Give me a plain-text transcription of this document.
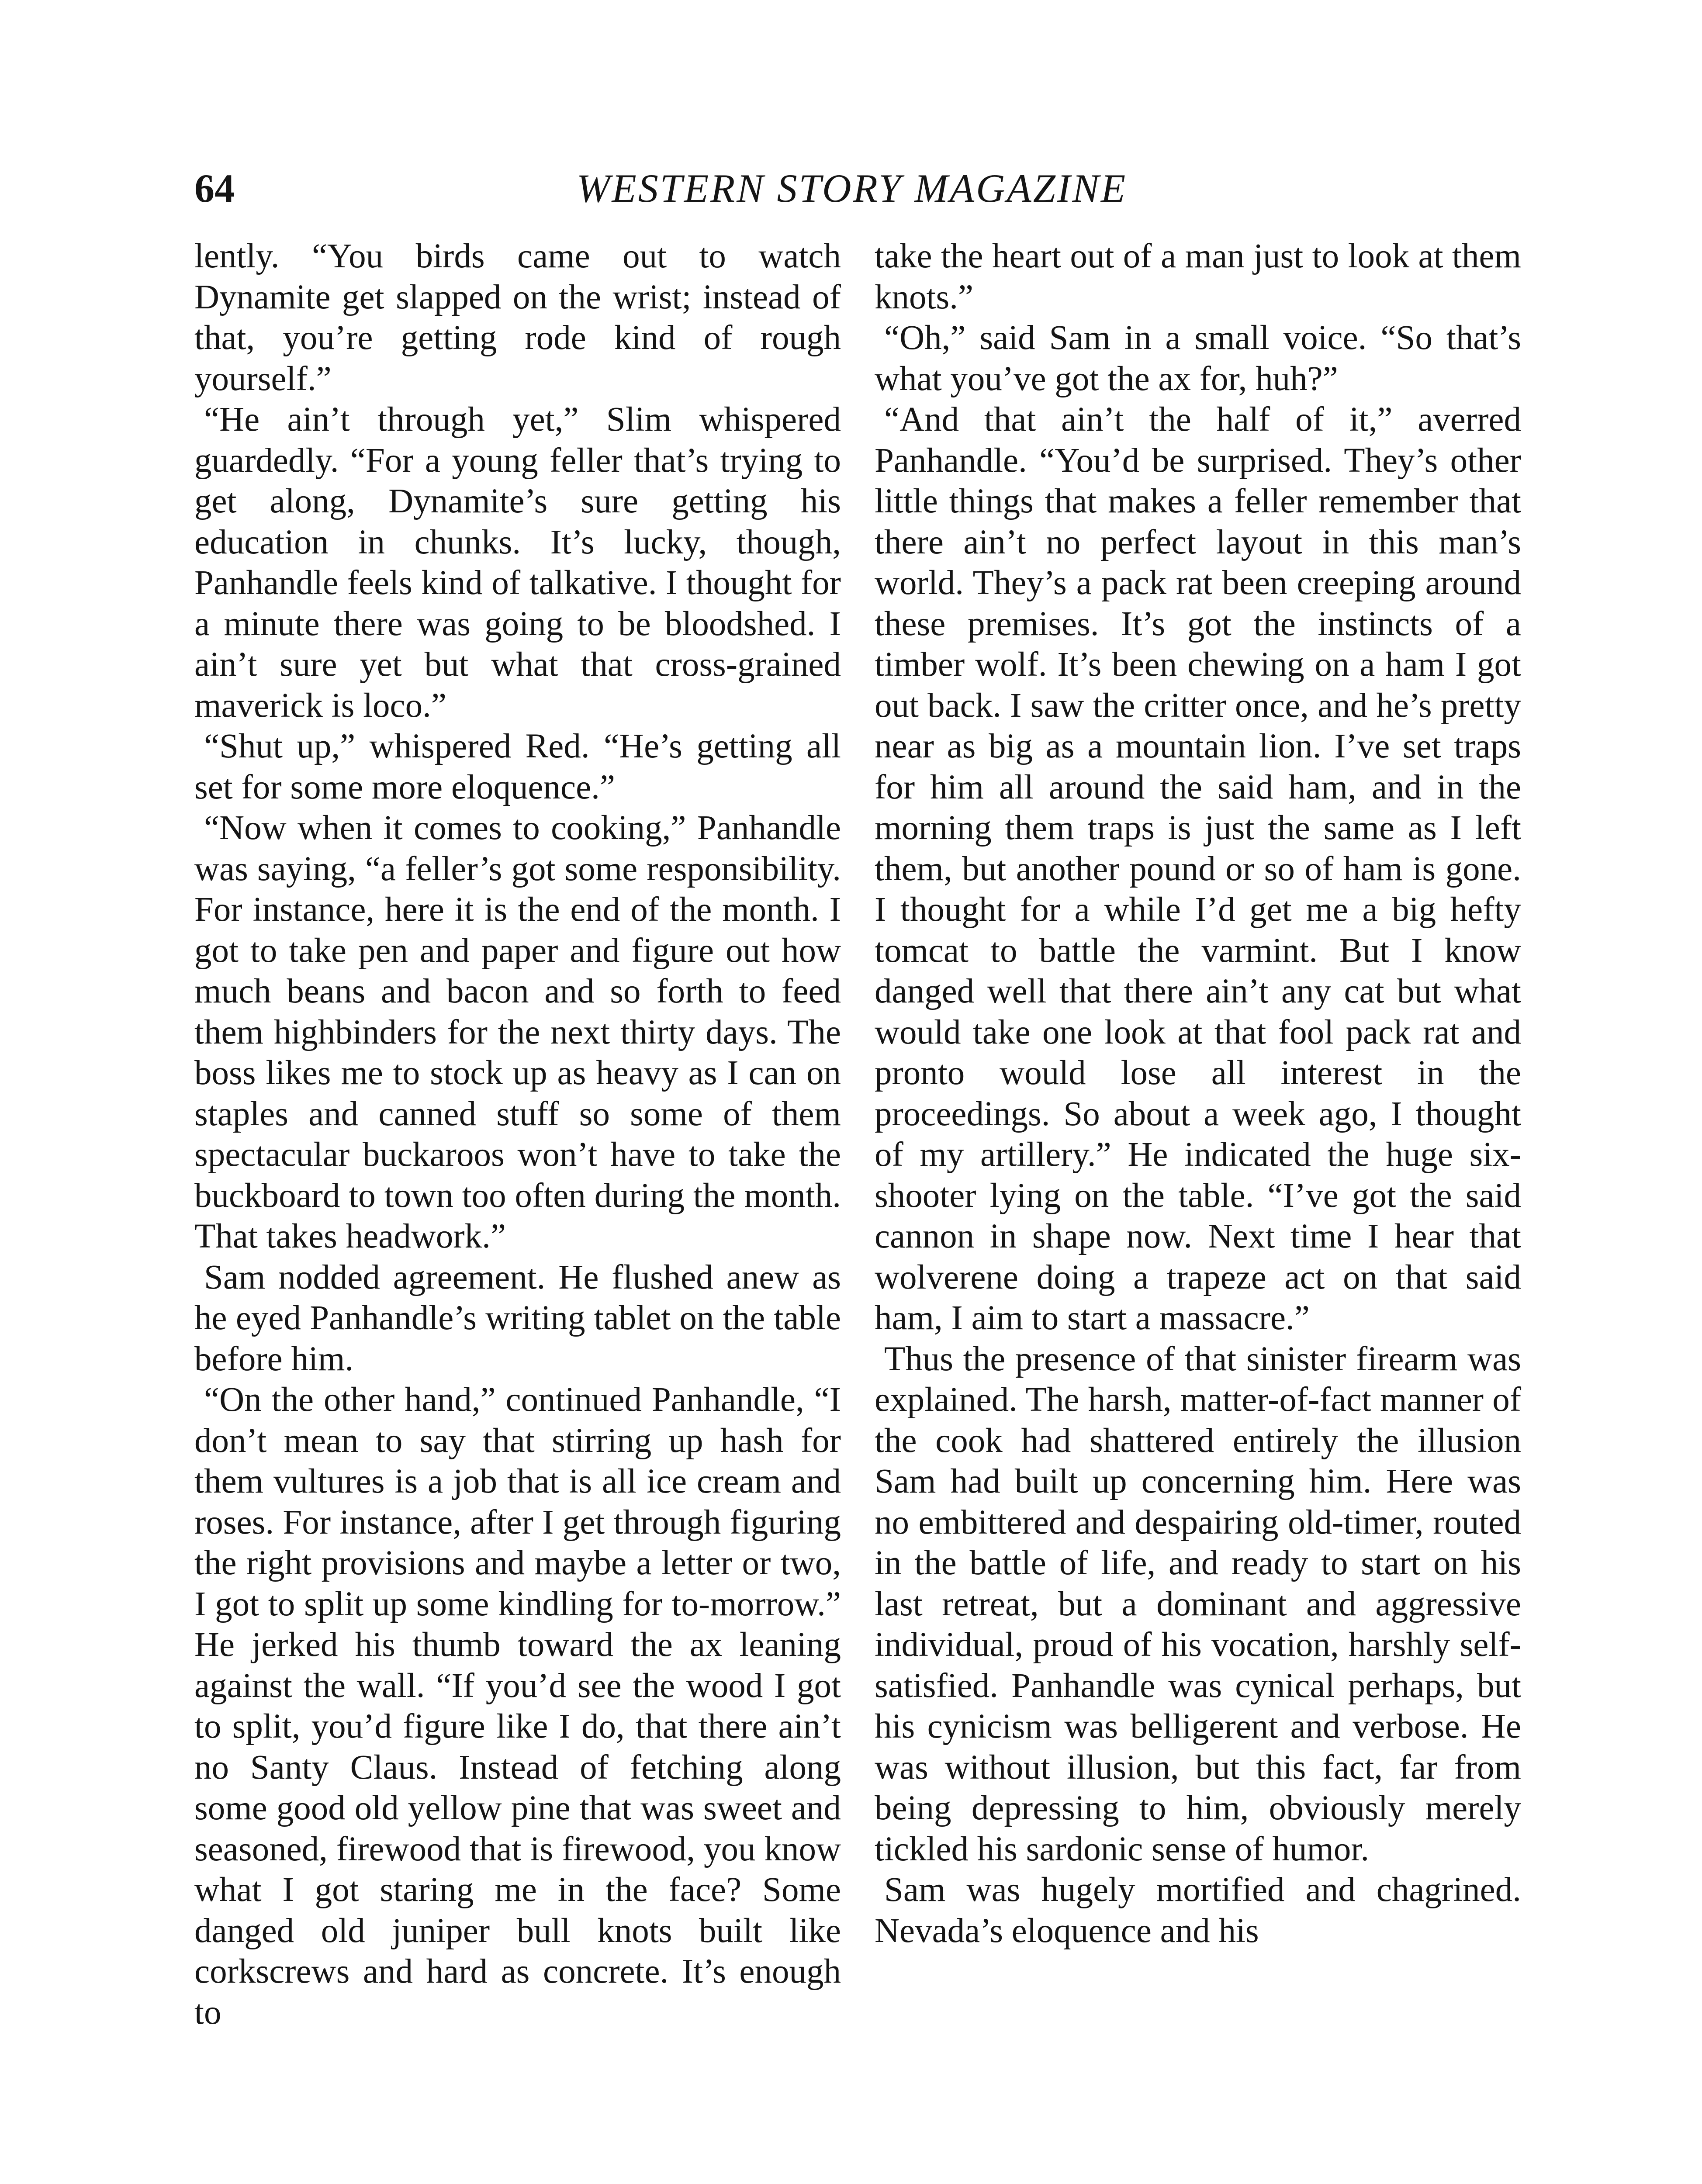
64	WESTERN STORY MAGAZINE

lently. “You birds came out to watch Dynamite get slapped on the wrist; instead of that, you’re getting rode kind of rough yourself.”

“He ain’t through yet,” Slim whispered guardedly. “For a young feller that’s trying to get along, Dynamite’s sure getting his education in chunks. It’s lucky, though, Panhandle feels kind of talkative. I thought for a minute there was going to be bloodshed. I ain’t sure yet but what that cross-grained maverick is loco.”

“Shut up,” whispered Red. “He’s getting all set for some more eloquence.”

“Now when it comes to cooking,” Panhandle was saying, “a feller’s got some responsibility. For instance, here it is the end of the month. I got to take pen and paper and figure out how much beans and bacon and so forth to feed them highbinders for the next thirty days. The boss likes me to stock up as heavy as I can on staples and canned stuff so some of them spectacular buckaroos won’t have to take the buckboard to town too often during the month. That takes headwork.”

Sam nodded agreement. He flushed anew as he eyed Panhandle’s writing tablet on the table before him.

“On the other hand,” continued Panhandle, “I don’t mean to say that stirring up hash for them vultures is a job that is all ice cream and roses. For instance, after I get through figuring the right provisions and maybe a letter or two, I got to split up some kindling for to-morrow.” He jerked his thumb toward the ax leaning against the wall. “If you’d see the wood I got to split, you’d figure like I do, that there ain’t no Santy Claus. Instead of fetching along some good old yellow pine that was sweet and seasoned, firewood that is firewood, you know what I got staring me in the face? Some danged old juniper bull knots built like corkscrews and hard as concrete. It’s enough to

take the heart out of a man just to look at them knots.”

“Oh,” said Sam in a small voice. “So that’s what you’ve got the ax for, huh?”

“And that ain’t the half of it,” averred Panhandle. “You’d be surprised. They’s other little things that makes a feller remember that there ain’t no perfect layout in this man’s world. They’s a pack rat been creeping around these premises. It’s got the instincts of a timber wolf. It’s been chewing on a ham I got out back. I saw the critter once, and he’s pretty near as big as a mountain lion. I’ve set traps for him all around the said ham, and in the morning them traps is just the same as I left them, but another pound or so of ham is gone. I thought for a while I’d get me a big hefty tomcat to battle the varmint. But I know danged well that there ain’t any cat but what would take one look at that fool pack rat and pronto would lose all interest in the proceedings. So about a week ago, I thought of my artillery.” He indicated the huge six-shooter lying on the table. “I’ve got the said cannon in shape now. Next time I hear that wolverene doing a trapeze act on that said ham, I aim to start a massacre.”

Thus the presence of that sinister firearm was explained. The harsh, matter-of-fact manner of the cook had shattered entirely the illusion Sam had built up concerning him. Here was no embittered and despairing old-timer, routed in the battle of life, and ready to start on his last retreat, but a dominant and aggressive individual, proud of his vocation, harshly self-satisfied. Panhandle was cynical perhaps, but his cynicism was belligerent and verbose. He was without illusion, but this fact, far from being depressing to him, obviously merely tickled his sardonic sense of humor.

Sam was hugely mortified and chagrined. Nevada’s eloquence and his
